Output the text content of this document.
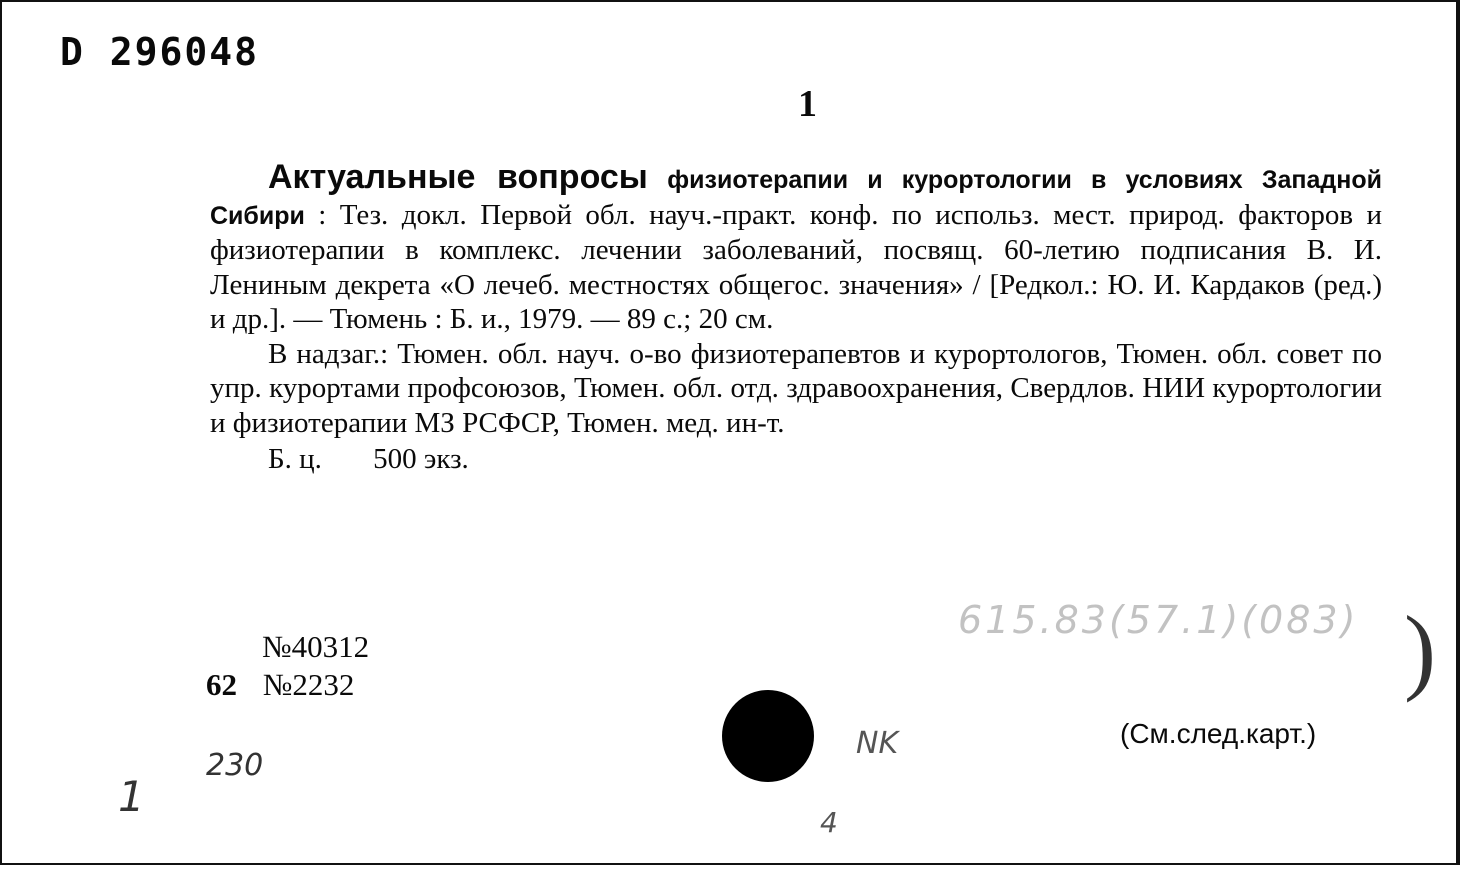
D 296048
1

Актуальные вопросы физиотерапии и курортологии в условиях Западной Сибири : Тез. докл. Первой обл. науч.-практ. конф. по использ. мест. природ. факторов и физиотерапии в комплекс. лечении заболеваний, посвящ. 60-летию подписания В. И. Лениным декрета «О лечеб. местностях общегос. значения» / [Редкол.: Ю. И. Кардаков (ред.) и др.]. — Тюмень : Б. и., 1979. — 89 с.; 20 см.

В надзаг.: Тюмен. обл. науч. о-во физиотерапевтов и курортологов, Тюмен. обл. совет по упр. курортами профсоюзов, Тюмен. обл. отд. здравоохранения, Свердлов. НИИ курортологии и физиотерапии МЗ РСФСР, Тюмен. мед. ин-т.

Б. ц. 500 экз.
№40312
62 №2232
615.83(57.1)(083) )
(См.след.карт.)
NK
4
230
1
